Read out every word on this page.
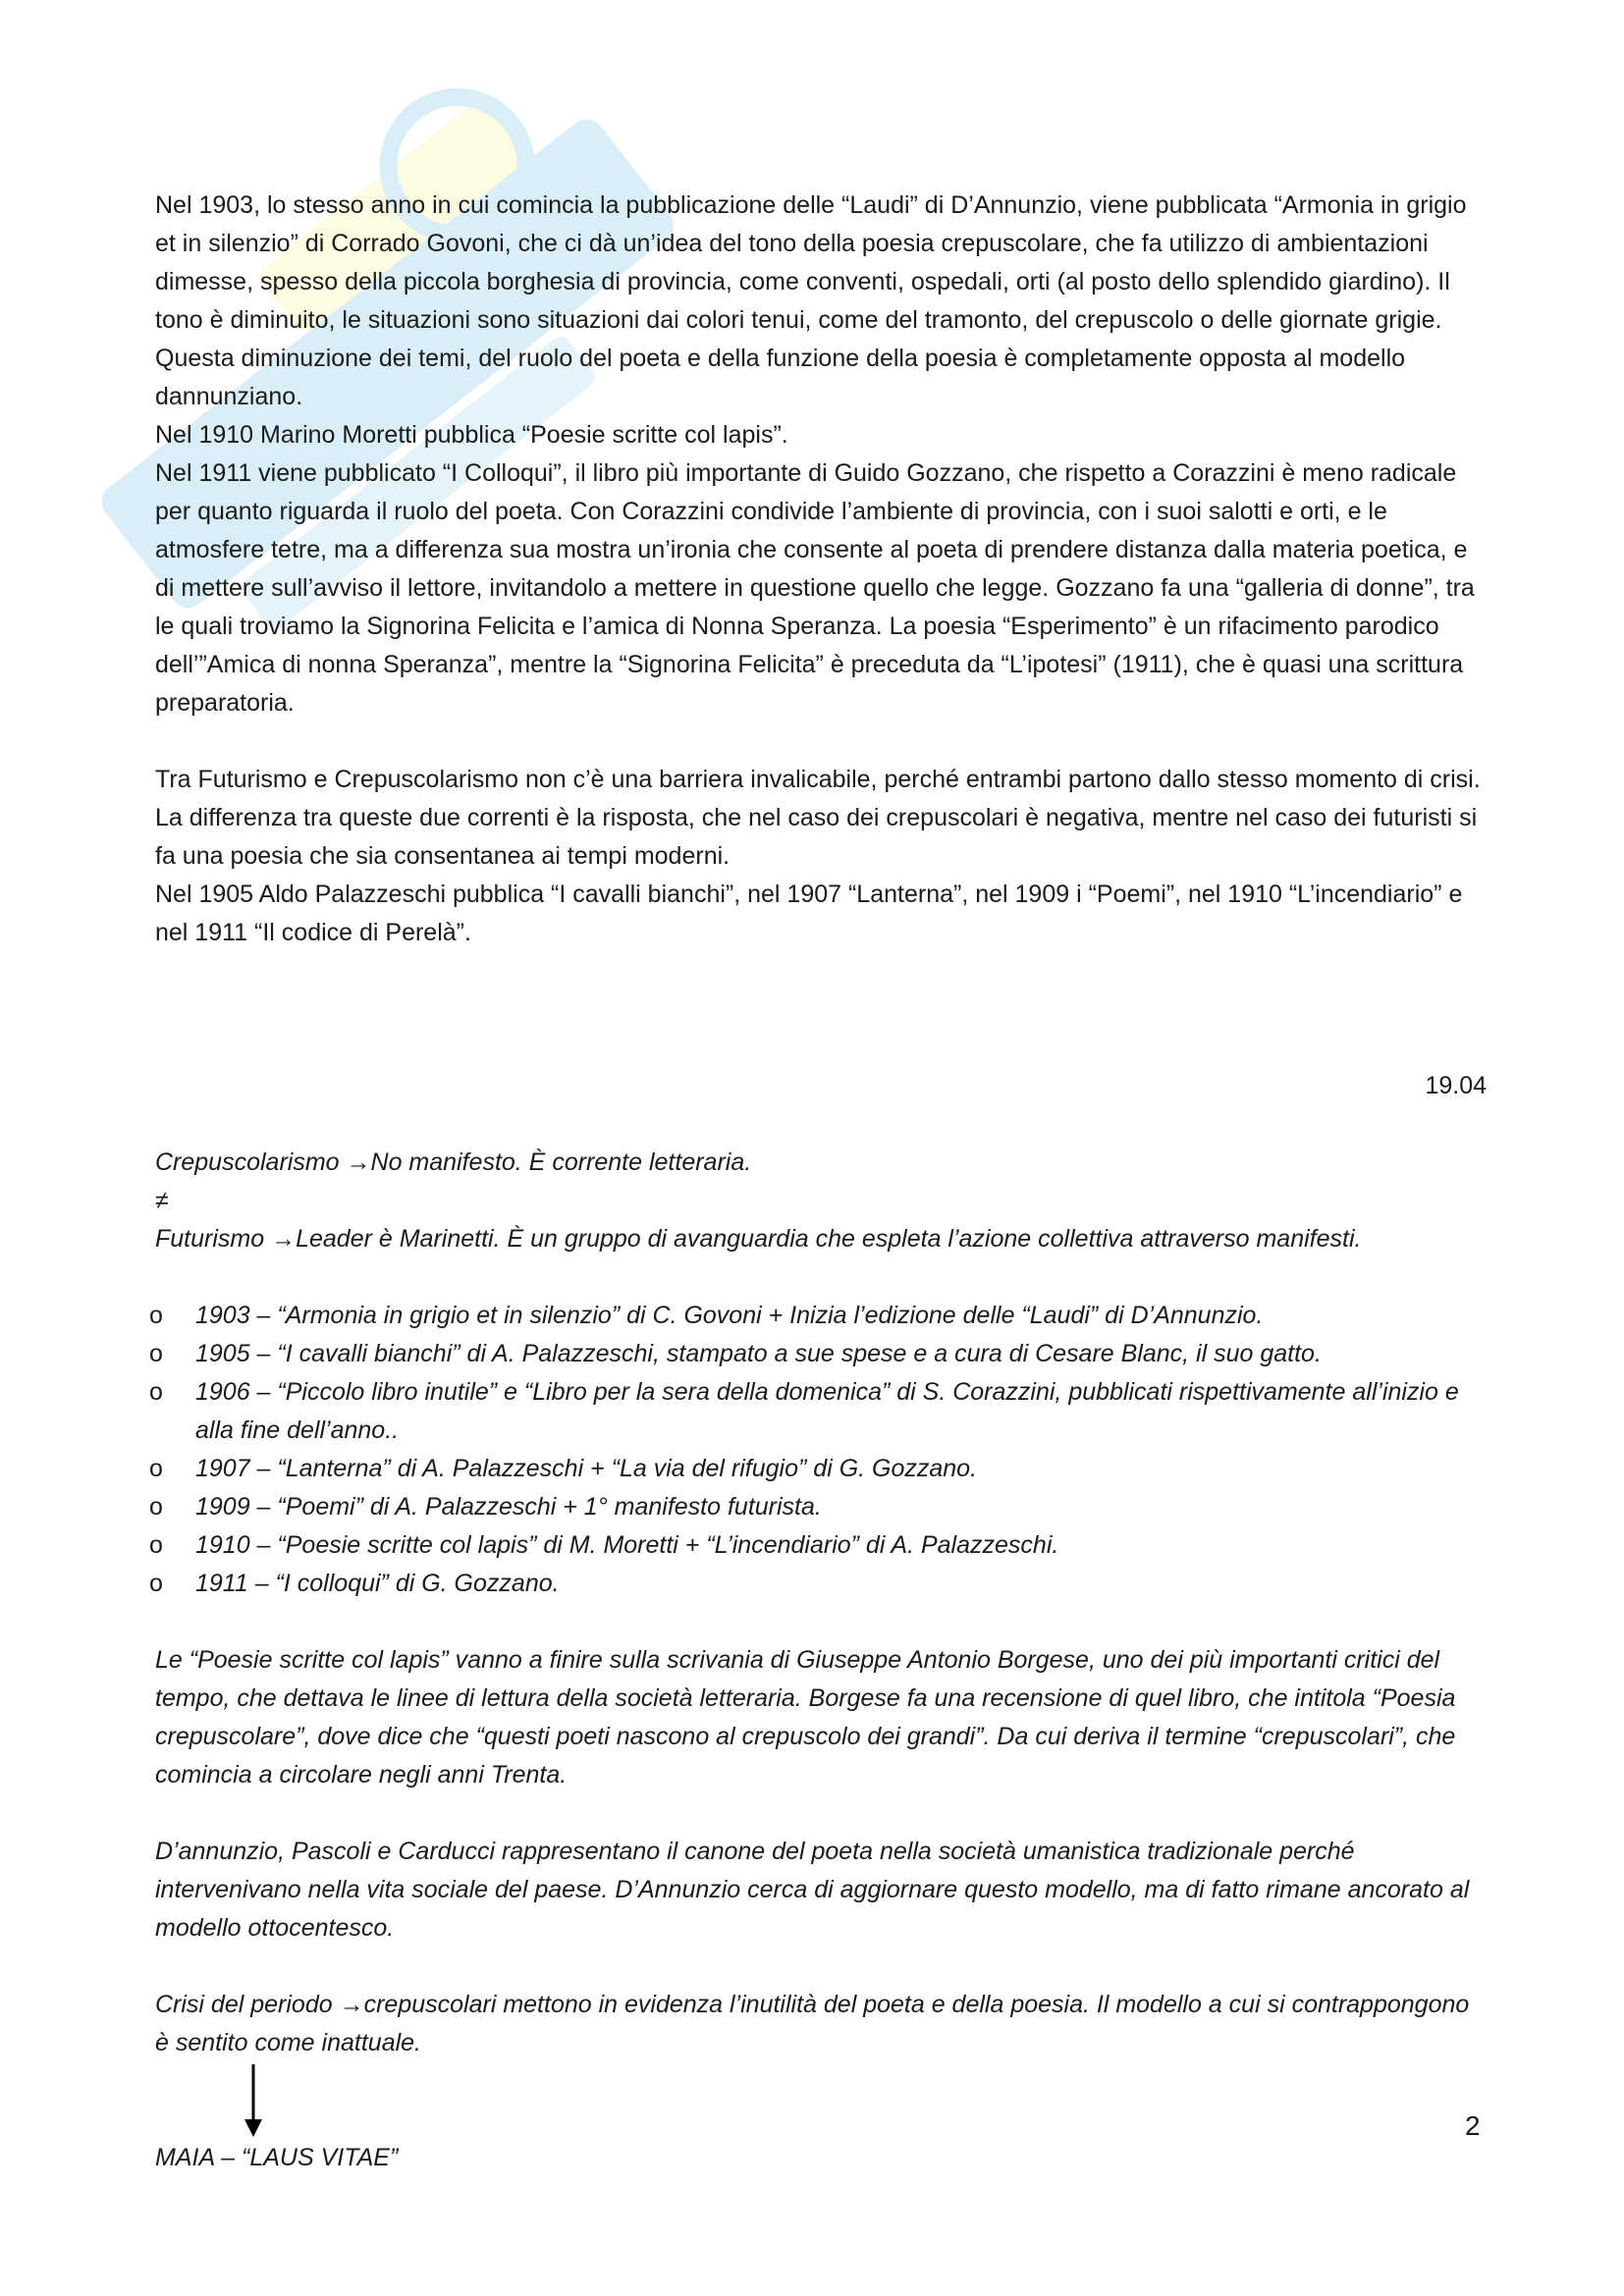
Nel 1903, lo stesso anno in cui comincia la pubblicazione delle “Laudi” di D’Annunzio, viene pubblicata “Armonia in grigio et in silenzio” di Corrado Govoni, che ci dà un’idea del tono della poesia crepuscolare, che fa utilizzo di ambientazioni dimesse, spesso della piccola borghesia di provincia, come conventi, ospedali, orti (al posto dello splendido giardino). Il tono è diminuito, le situazioni sono situazioni dai colori tenui, come del tramonto, del crepuscolo o delle giornate grigie. Questa diminuzione dei temi, del ruolo del poeta e della funzione della poesia è completamente opposta al modello dannunziano.

Nel 1910 Marino Moretti pubblica “Poesie scritte col lapis”.

Nel 1911 viene pubblicato “I Colloqui”, il libro più importante di Guido Gozzano, che rispetto a Corazzini è meno radicale per quanto riguarda il ruolo del poeta. Con Corazzini condivide l’ambiente di provincia, con i suoi salotti e orti, e le atmosfere tetre, ma a differenza sua mostra un’ironia che consente al poeta di prendere distanza dalla materia poetica, e di mettere sull’avviso il lettore, invitandolo a mettere in questione quello che legge. Gozzano fa una “galleria di donne”, tra le quali troviamo la Signorina Felicita e l’amica di Nonna Speranza. La poesia “Esperimento” è un rifacimento parodico dell’”Amica di nonna Speranza”, mentre la “Signorina Felicita” è preceduta da “L’ipotesi” (1911), che è quasi una scrittura preparatoria.

Tra Futurismo e Crepuscolarismo non c’è una barriera invalicabile, perché entrambi partono dallo stesso momento di crisi. La differenza tra queste due correnti è la risposta, che nel caso dei crepuscolari è negativa, mentre nel caso dei futuristi si fa una poesia che sia consentanea ai tempi moderni.

Nel 1905 Aldo Palazzeschi pubblica “I cavalli bianchi”, nel 1907 “Lanterna”, nel 1909 i “Poemi”, nel 1910 “L’incendiario” e nel 1911 “Il codice di Perelà”.

19.04

Crepuscolarismo →No manifesto. È corrente letteraria.

≠

Futurismo →Leader è Marinetti. È un gruppo di avanguardia che espleta l’azione collettiva attraverso manifesti.

o 1903 – “Armonia in grigio et in silenzio” di C. Govoni + Inizia l’edizione delle “Laudi” di D’Annunzio.
o 1905 – “I cavalli bianchi” di A. Palazzeschi, stampato a sue spese e a cura di Cesare Blanc, il suo gatto.
o 1906 – “Piccolo libro inutile” e “Libro per la sera della domenica” di S. Corazzini, pubblicati rispettivamente all’inizio e alla fine dell’anno..
o 1907 – “Lanterna” di A. Palazzeschi + “La via del rifugio” di G. Gozzano.
o 1909 – “Poemi” di A. Palazzeschi + 1° manifesto futurista.
o 1910 – “Poesie scritte col lapis” di M. Moretti + “L’incendiario” di A. Palazzeschi.
o 1911 – “I colloqui” di G. Gozzano.

Le “Poesie scritte col lapis” vanno a finire sulla scrivania di Giuseppe Antonio Borgese, uno dei più importanti critici del tempo, che dettava le linee di lettura della società letteraria. Borgese fa una recensione di quel libro, che intitola “Poesia crepuscolare”, dove dice che “questi poeti nascono al crepuscolo dei grandi”. Da cui deriva il termine “crepuscolari”, che comincia a circolare negli anni Trenta.

D’annunzio, Pascoli e Carducci rappresentano il canone del poeta nella società umanistica tradizionale perché intervenivano nella vita sociale del paese. D’Annunzio cerca di aggiornare questo modello, ma di fatto rimane ancorato al modello ottocentesco.

Crisi del periodo →crepuscolari mettono in evidenza l’inutilità del poeta e della poesia. Il modello a cui si contrappongono è sentito come inattuale.

MAIA – “LAUS VITAE”

2
